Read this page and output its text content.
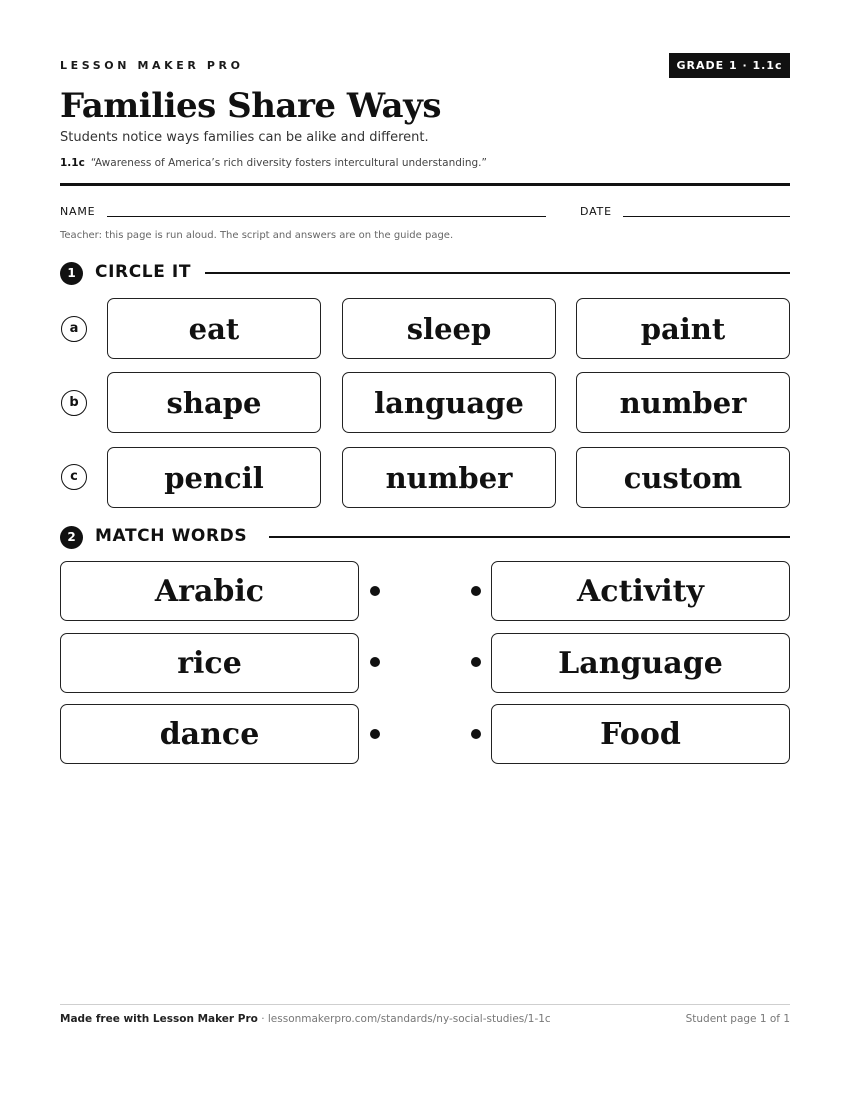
LESSON MAKER PRO	GRADE 1 · 1.1c
Families Share Ways
Students notice ways families can be alike and different.
1.1c “Awareness of America’s rich diversity fosters intercultural understanding.”
NAME	DATE
Teacher: this page is run aloud. The script and answers are on the guide page.
1	CIRCLE IT
a	eat	sleep	paint
b	shape	language	number
c	pencil	number	custom
2	MATCH WORDS
Arabic	Activity
rice	Language
dance	Food
Made free with Lesson Maker Pro · lessonmakerpro.com/standards/ny-social-studies/1-1c	Student page 1 of 1
